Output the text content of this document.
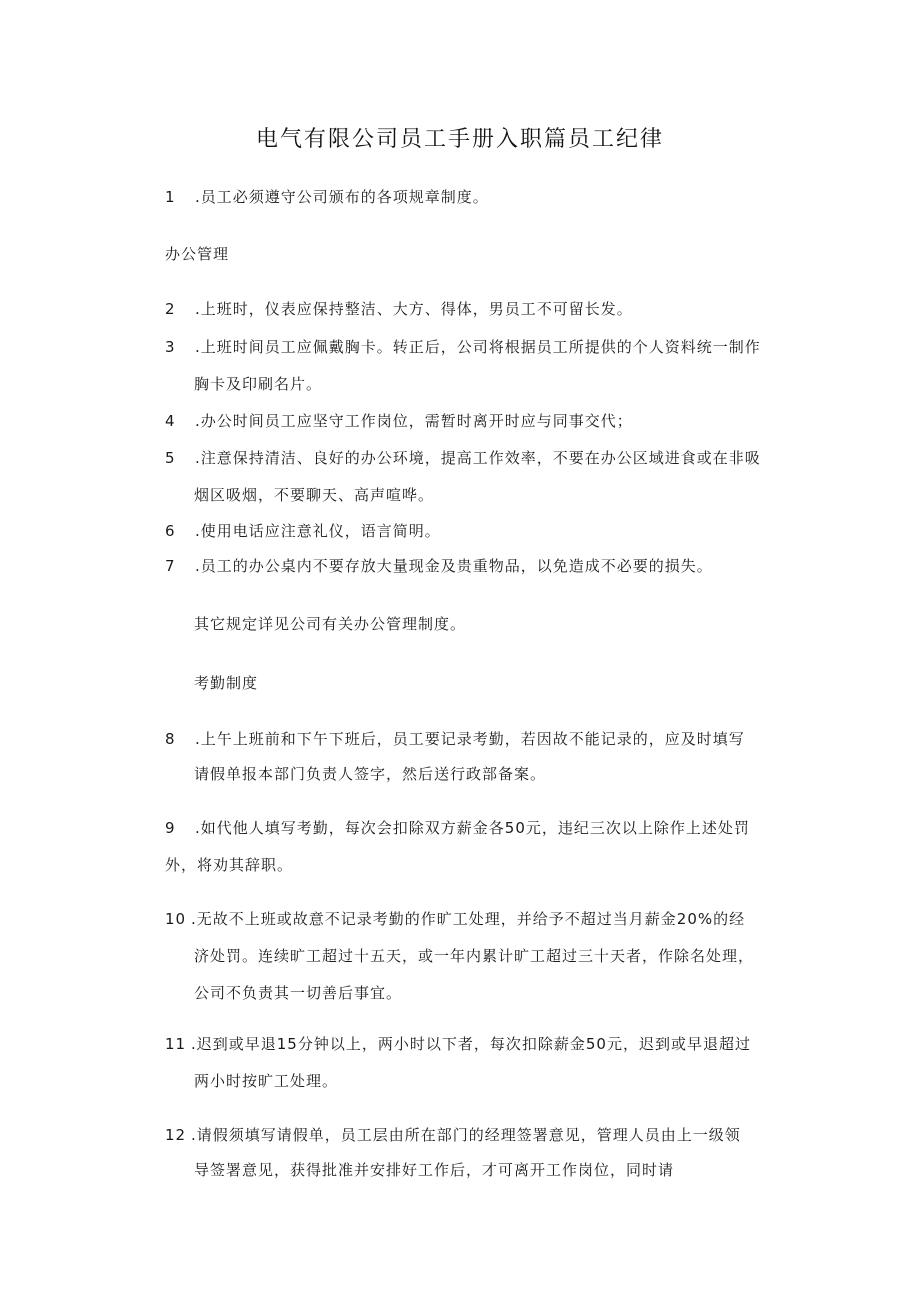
电气有限公司员工手册入职篇员工纪律
1 .员工必须遵守公司颁布的各项规章制度。
办公管理
2 .上班时，仪表应保持整洁、大方、得体，男员工不可留长发。
3 .上班时间员工应佩戴胸卡。转正后，公司将根据员工所提供的个人资料统一制作
胸卡及印刷名片。
4 .办公时间员工应坚守工作岗位，需暂时离开时应与同事交代；
5 .注意保持清洁、良好的办公环境，提高工作效率，不要在办公区域进食或在非吸
烟区吸烟，不要聊天、高声喧哗。
6 .使用电话应注意礼仪，语言简明。
7 .员工的办公桌内不要存放大量现金及贵重物品，以免造成不必要的损失。
其它规定详见公司有关办公管理制度。
考勤制度
8 .上午上班前和下午下班后，员工要记录考勤，若因故不能记录的，应及时填写
请假单报本部门负责人签字，然后送行政部备案。
9 .如代他人填写考勤，每次会扣除双方薪金各50元，违纪三次以上除作上述处罚
外，将劝其辞职。
10 .无故不上班或故意不记录考勤的作旷工处理，并给予不超过当月薪金20%的经
济处罚。连续旷工超过十五天，或一年内累计旷工超过三十天者，作除名处理，
公司不负责其一切善后事宜。
11 .迟到或早退15分钟以上，两小时以下者，每次扣除薪金50元，迟到或早退超过
两小时按旷工处理。
12 .请假须填写请假单，员工层由所在部门的经理签署意见，管理人员由上一级领
导签署意见，获得批准并安排好工作后，才可离开工作岗位，同时请
